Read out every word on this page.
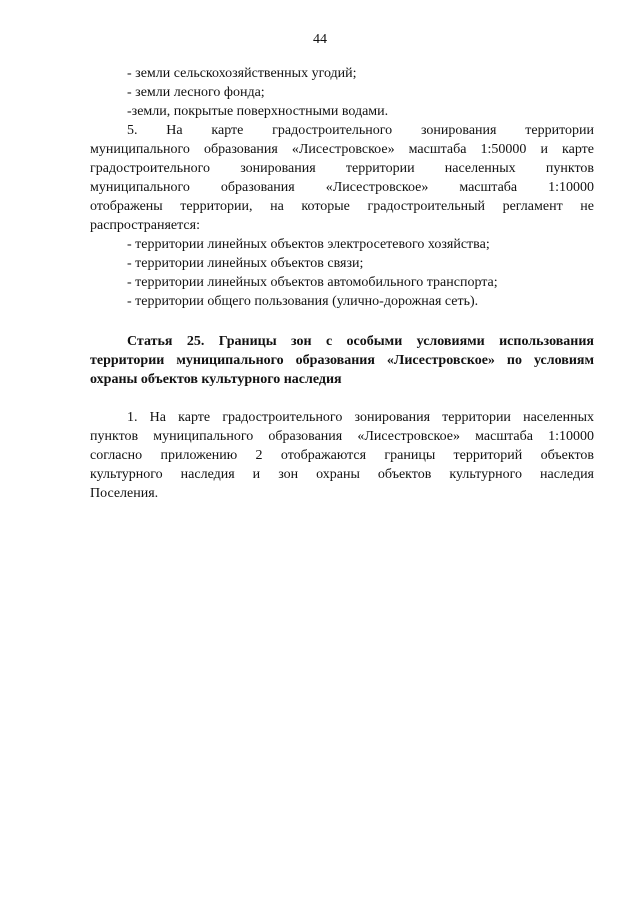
44

- земли сельскохозяйственных угодий;

- земли лесного фонда;

-земли, покрытые поверхностными водами.

5. На карте градостроительного зонирования территории

муниципального образования «Лисестровское» масштаба 1:50000 и карте

градостроительного зонирования территории населенных пунктов

муниципального образования «Лисестровское» масштаба 1:10000

отображены территории, на которые градостроительный регламент не

распространяется:

- территории линейных объектов электросетевого хозяйства;

- территории линейных объектов связи;

- территории линейных объектов автомобильного транспорта;

- территории общего пользования (улично-дорожная сеть).

Статья 25. Границы зон с особыми условиями использования

территории муниципального образования «Лисестровское» по условиям

охраны объектов культурного наследия

1. На карте градостроительного зонирования территории населенных

пунктов муниципального образования «Лисестровское» масштаба 1:10000

согласно приложению 2 отображаются границы территорий объектов

культурного наследия и зон охраны объектов культурного наследия

Поселения.
